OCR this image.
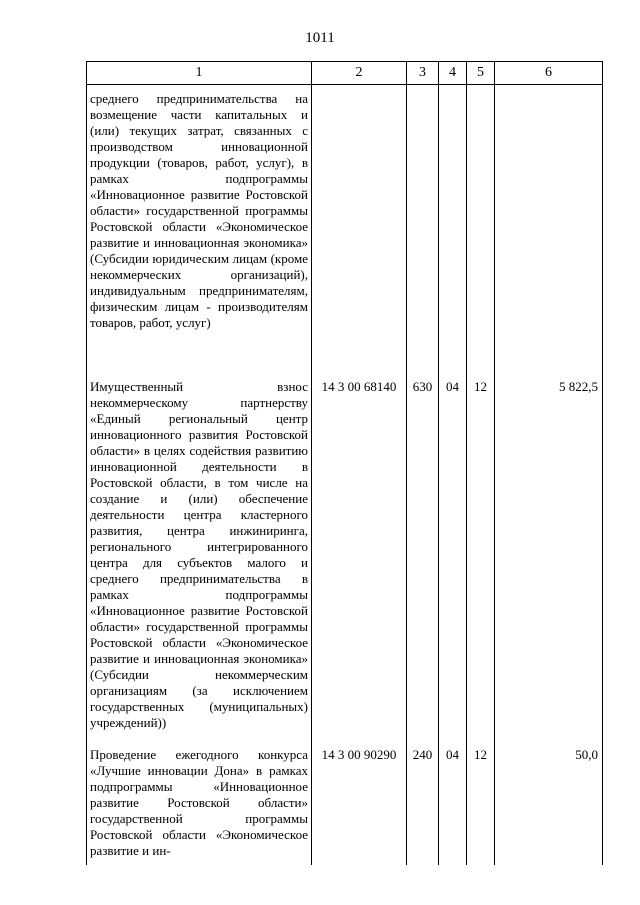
1011
1	2	3	4	5	6
среднего предпринимательства на возмещение части капитальных и (или) текущих затрат, связанных с производством инновационной продукции (товаров, работ, услуг), в рамках подпрограммы «Инновационное развитие Ростовской области» государственной программы Ростовской области «Экономическое развитие и инновационная экономика» (Субсидии юридическим лицам (кроме некоммерческих организаций), индивидуальным предпринимателям, физическим лицам - производителям товаров, работ, услуг)					
Имущественный взнос некоммерческому партнерству «Единый региональный центр инновационного развития Ростовской области» в целях содействия развитию инновационной деятельности в Ростовской области, в том числе на создание и (или) обеспечение деятельности центра кластерного развития, центра инжиниринга, регионального интегрированного центра для субъектов малого и среднего предпринимательства в рамках подпрограммы «Инновационное развитие Ростовской области» государственной программы Ростовской области «Экономическое развитие и инновационная экономика» (Субсидии некоммерческим организациям (за исключением государственных (муниципальных) учреждений))	14 3 00 68140	630	04	12	5 822,5
Проведение ежегодного конкурса «Лучшие инновации Дона» в рамках подпрограммы «Инновационное развитие Ростовской области» государственной программы Ростовской области «Экономическое развитие и ин-	14 3 00 90290	240	04	12	50,0
